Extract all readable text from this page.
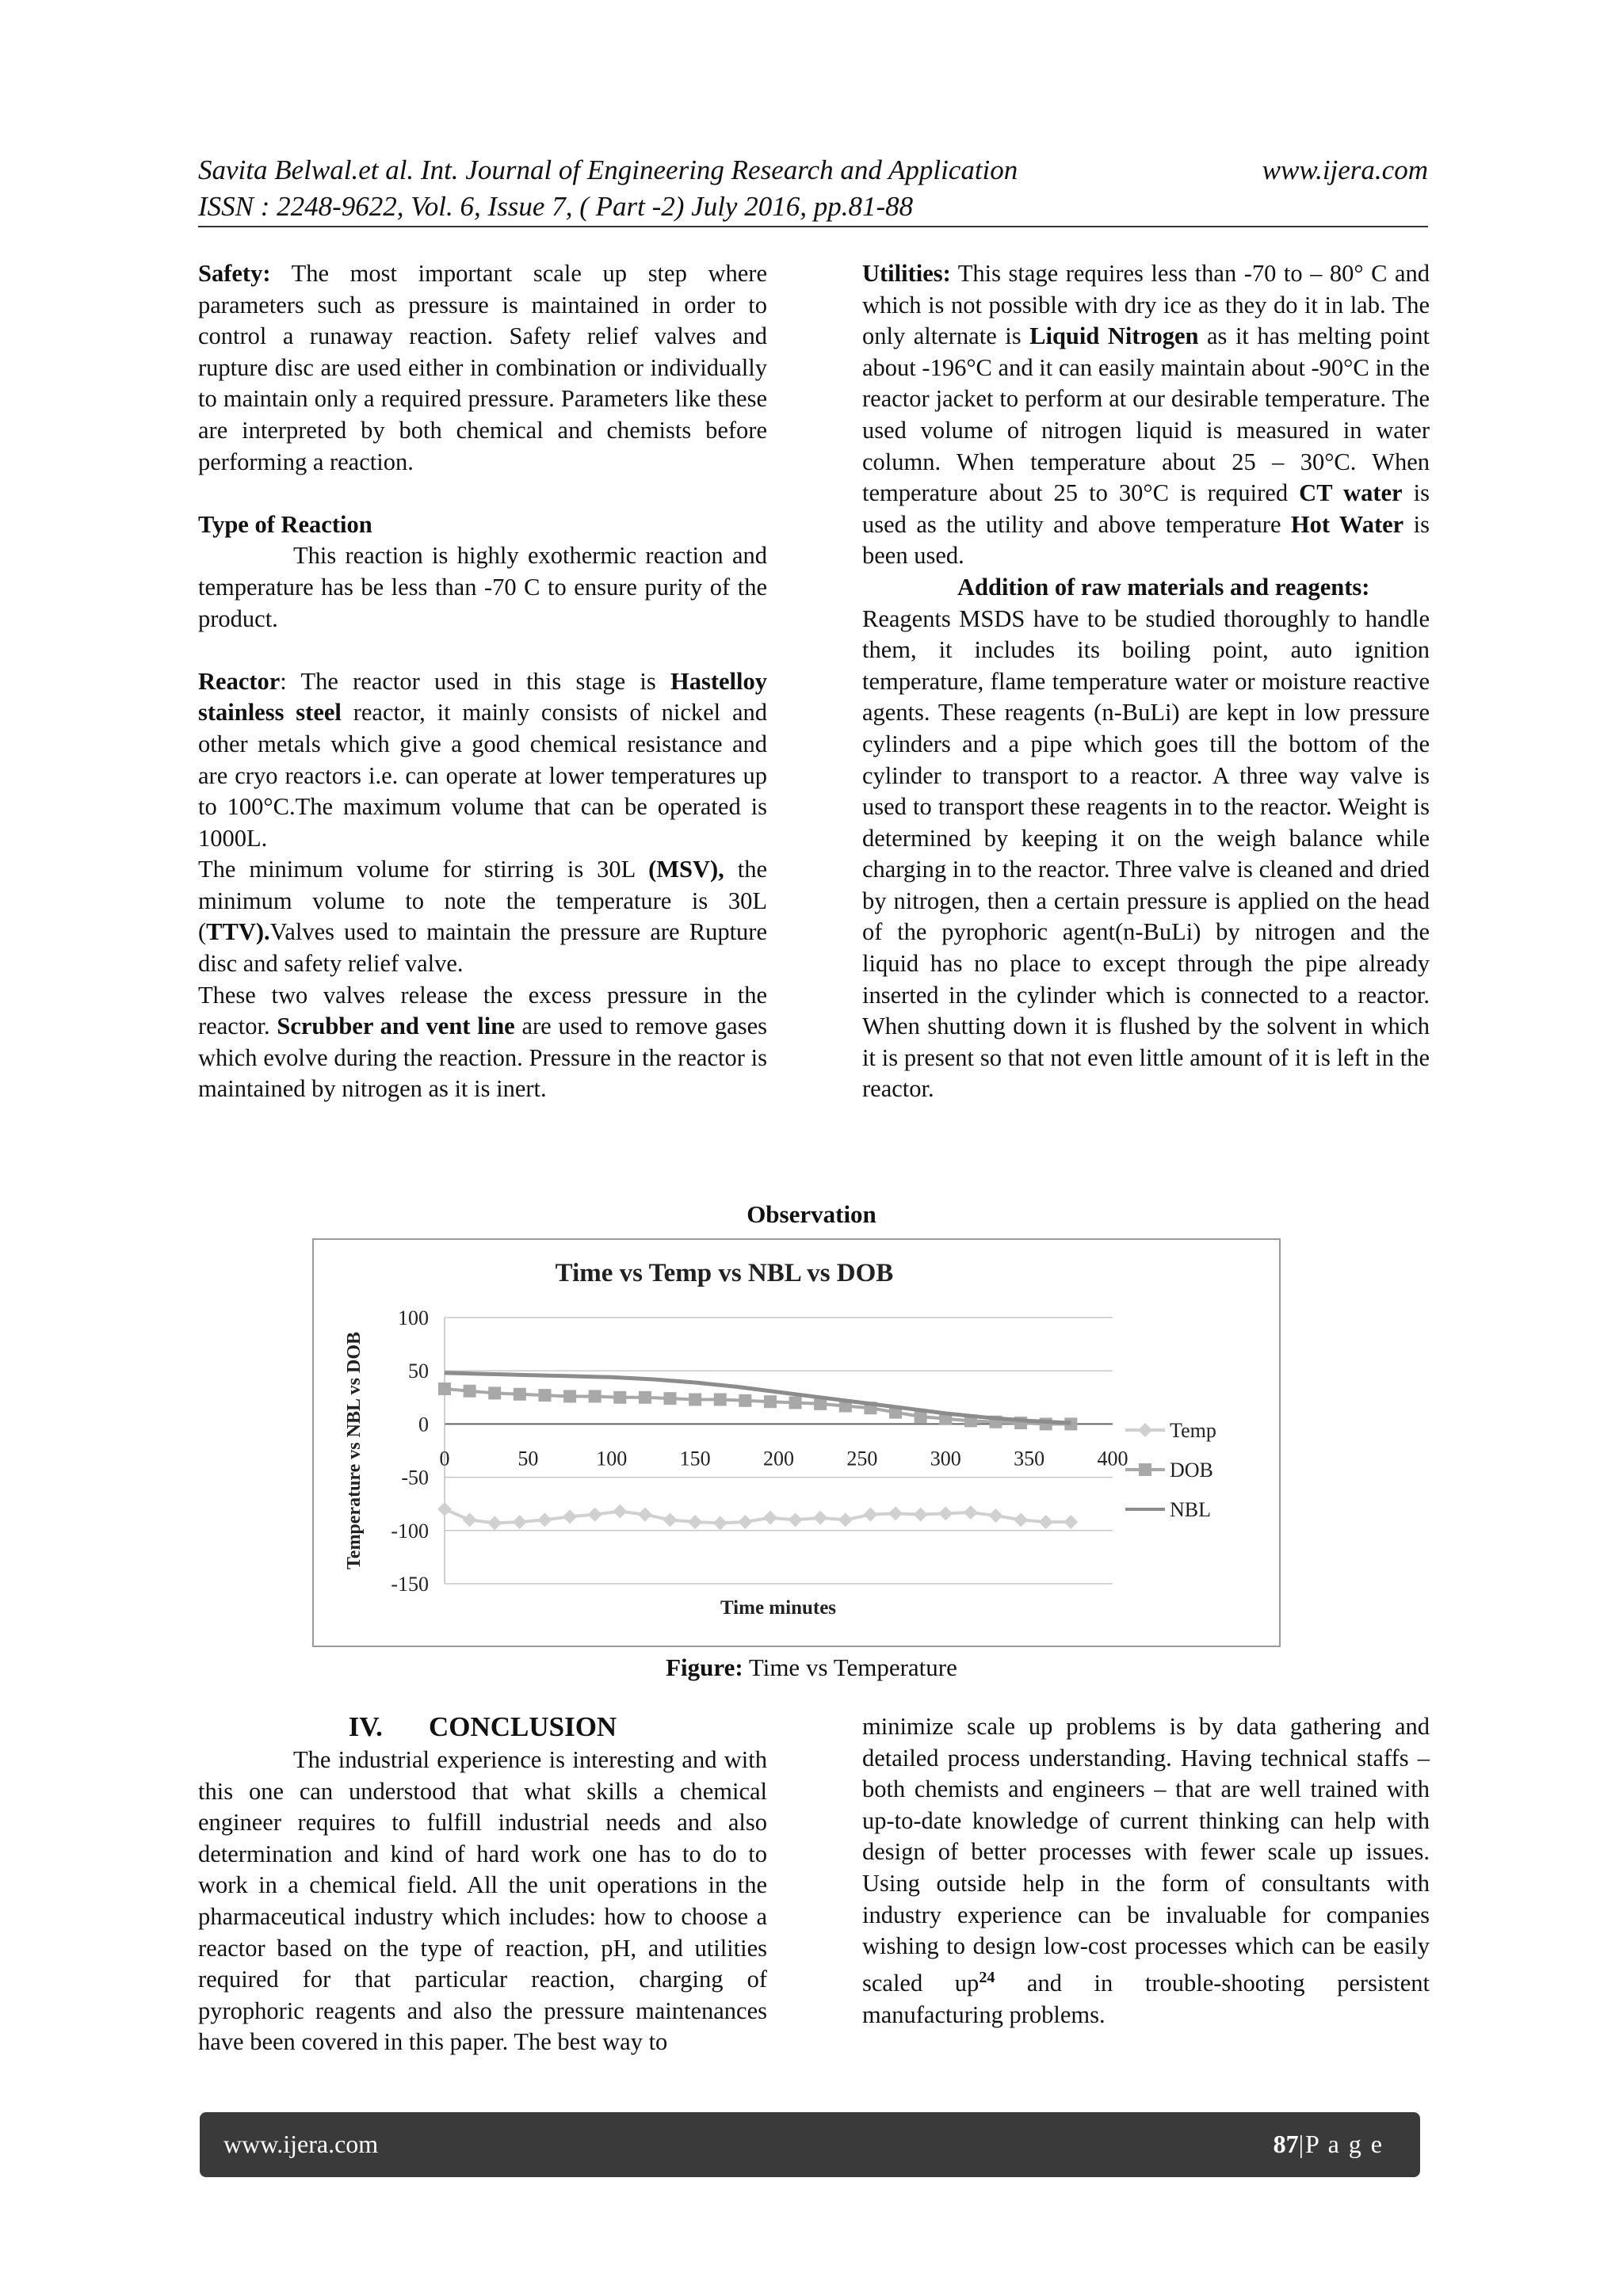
Savita Belwal.et al. Int. Journal of Engineering Research and Application	www.ijera.com
ISSN : 2248-9622, Vol. 6, Issue 7, ( Part -2) July 2016, pp.81-88

Safety: The most important scale up step where parameters such as pressure is maintained in order to control a runaway reaction. Safety relief valves and rupture disc are used either in combination or individually to maintain only a required pressure. Parameters like these are interpreted by both chemical and chemists before performing a reaction.

Type of Reaction

This reaction is highly exothermic reaction and temperature has be less than -70 C to ensure purity of the product.

Reactor: The reactor used in this stage is Hastelloy stainless steel reactor, it mainly consists of nickel and other metals which give a good chemical resistance and are cryo reactors i.e. can operate at lower temperatures up to 100°C.The maximum volume that can be operated is 1000L.

The minimum volume for stirring is 30L (MSV), the minimum volume to note the temperature is 30L (TTV).Valves used to maintain the pressure are Rupture disc and safety relief valve.

These two valves release the excess pressure in the reactor. Scrubber and vent line are used to remove gases which evolve during the reaction. Pressure in the reactor is maintained by nitrogen as it is inert.

Utilities: This stage requires less than -70 to – 80° C and which is not possible with dry ice as they do it in lab. The only alternate is Liquid Nitrogen as it has melting point about -196°C and it can easily maintain about -90°C in the reactor jacket to perform at our desirable temperature. The used volume of nitrogen liquid is measured in water column. When temperature about 25 – 30°C. When temperature about 25 to 30°C is required CT water is used as the utility and above temperature Hot Water is been used.

Addition of raw materials and reagents:

Reagents MSDS have to be studied thoroughly to handle them, it includes its boiling point, auto ignition temperature, flame temperature water or moisture reactive agents. These reagents (n-BuLi) are kept in low pressure cylinders and a pipe which goes till the bottom of the cylinder to transport to a reactor. A three way valve is used to transport these reagents in to the reactor. Weight is determined by keeping it on the weigh balance while charging in to the reactor. Three valve is cleaned and dried by nitrogen, then a certain pressure is applied on the head of the pyrophoric agent(n-BuLi) by nitrogen and the liquid has no place to except through the pipe already inserted in the cylinder which is connected to a reactor. When shutting down it is flushed by the solvent in which it is present so that not even little amount of it is left in the reactor.

Observation
Time vs Temp vs NBL vs DOB
100
50
0
-50
-100
-150
0	50	100	150	200	250	300	350	400
Time minutes
Temperature vs NBL vs DOB	Temp
DOB
NBL
Figure: Time vs Temperature
IV. CONCLUSION

The industrial experience is interesting and with this one can understood that what skills a chemical engineer requires to fulfill industrial needs and also determination and kind of hard work one has to do to work in a chemical field. All the unit operations in the pharmaceutical industry which includes: how to choose a reactor based on the type of reaction, pH, and utilities required for that particular reaction, charging of pyrophoric reagents and also the pressure maintenances have been covered in this paper. The best way to

minimize scale up problems is by data gathering and detailed process understanding. Having technical staffs – both chemists and engineers – that are well trained with up-to-date knowledge of current thinking can help with design of better processes with fewer scale up issues. Using outside help in the form of consultants with industry experience can be invaluable for companies wishing to design low-cost processes which can be easily scaled $up^{24}$ and in trouble-shooting persistent manufacturing problems.

www.ijera.com	87|P a g e
